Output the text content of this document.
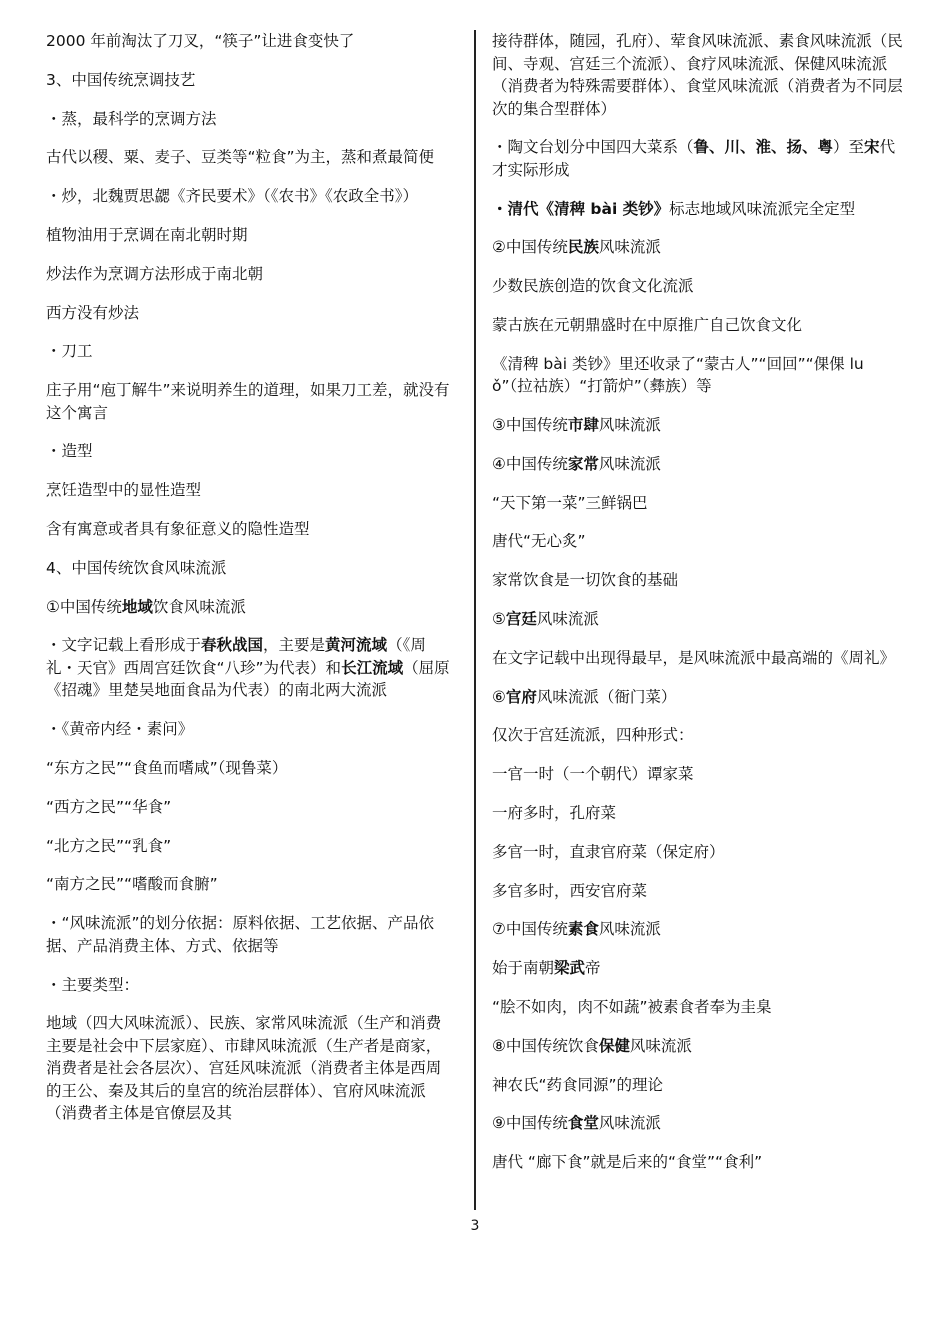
2000 年前淘汰了刀叉，“筷子”让进食变快了

3、中国传统烹调技艺

・蒸，最科学的烹调方法

古代以稷、粟、麦子、豆类等“粒食”为主，蒸和煮最简便

・炒，北魏贾思勰《齐民要术》（《农书》《农政全书》）

植物油用于烹调在南北朝时期

炒法作为烹调方法形成于南北朝

西方没有炒法

・刀工

庄子用“庖丁解牛”来说明养生的道理，如果刀工差，就没有这个寓言

・造型

烹饪造型中的显性造型

含有寓意或者具有象征意义的隐性造型

4、中国传统饮食风味流派

①中国传统地域饮食风味流派

・文字记载上看形成于春秋战国，主要是黄河流域（《周礼・天官》西周宫廷饮食“八珍”为代表）和长江流域（屈原《招魂》里楚吴地面食品为代表）的南北两大流派

・《黄帝内经・素问》

“东方之民”“食鱼而嗜咸”（现鲁菜）

“西方之民”“华食”

“北方之民”“乳食”

“南方之民”“嗜酸而食腑”

・“风味流派”的划分依据：原料依据、工艺依据、产品依据、产品消费主体、方式、依据等

・主要类型：

地域（四大风味流派）、民族、家常风味流派（生产和消费主要是社会中下层家庭）、市肆风味流派（生产者是商家，消费者是社会各层次）、宫廷风味流派（消费者主体是西周的王公、秦及其后的皇宫的统治层群体）、官府风味流派（消费者主体是官僚层及其

接待群体，随园，孔府）、荤食风味流派、素食风味流派（民间、寺观、宫廷三个流派）、食疗风味流派、保健风味流派（消费者为特殊需要群体）、食堂风味流派（消费者为不同层次的集合型群体）

・陶文台划分中国四大菜系（鲁、川、淮、扬、粤）至宋代才实际形成

・清代《清稗 bài 类钞》标志地域风味流派完全定型

②中国传统民族风味流派

少数民族创造的饮食文化流派

蒙古族在元朝鼎盛时在中原推广自己饮食文化

《清稗 bài 类钞》里还收录了“蒙古人”“回回”“倮倮 luǒ”（拉祜族）“打箭炉”（彝族）等

③中国传统市肆风味流派

④中国传统家常风味流派

“天下第一菜”三鲜锅巴

唐代“无心炙”

家常饮食是一切饮食的基础

⑤宫廷风味流派

在文字记载中出现得最早，是风味流派中最高端的《周礼》

⑥官府风味流派（衙门菜）

仅次于宫廷流派，四种形式：

一官一时（一个朝代）谭家菜

一府多时，孔府菜

多官一时，直隶官府菜（保定府）

多官多时，西安官府菜

⑦中国传统素食风味流派

始于南朝梁武帝

“脍不如肉，肉不如蔬”被素食者奉为圭臬

⑧中国传统饮食保健风味流派

神农氏“药食同源”的理论

⑨中国传统食堂风味流派

唐代 “廊下食”就是后来的“食堂”“食利”

3
